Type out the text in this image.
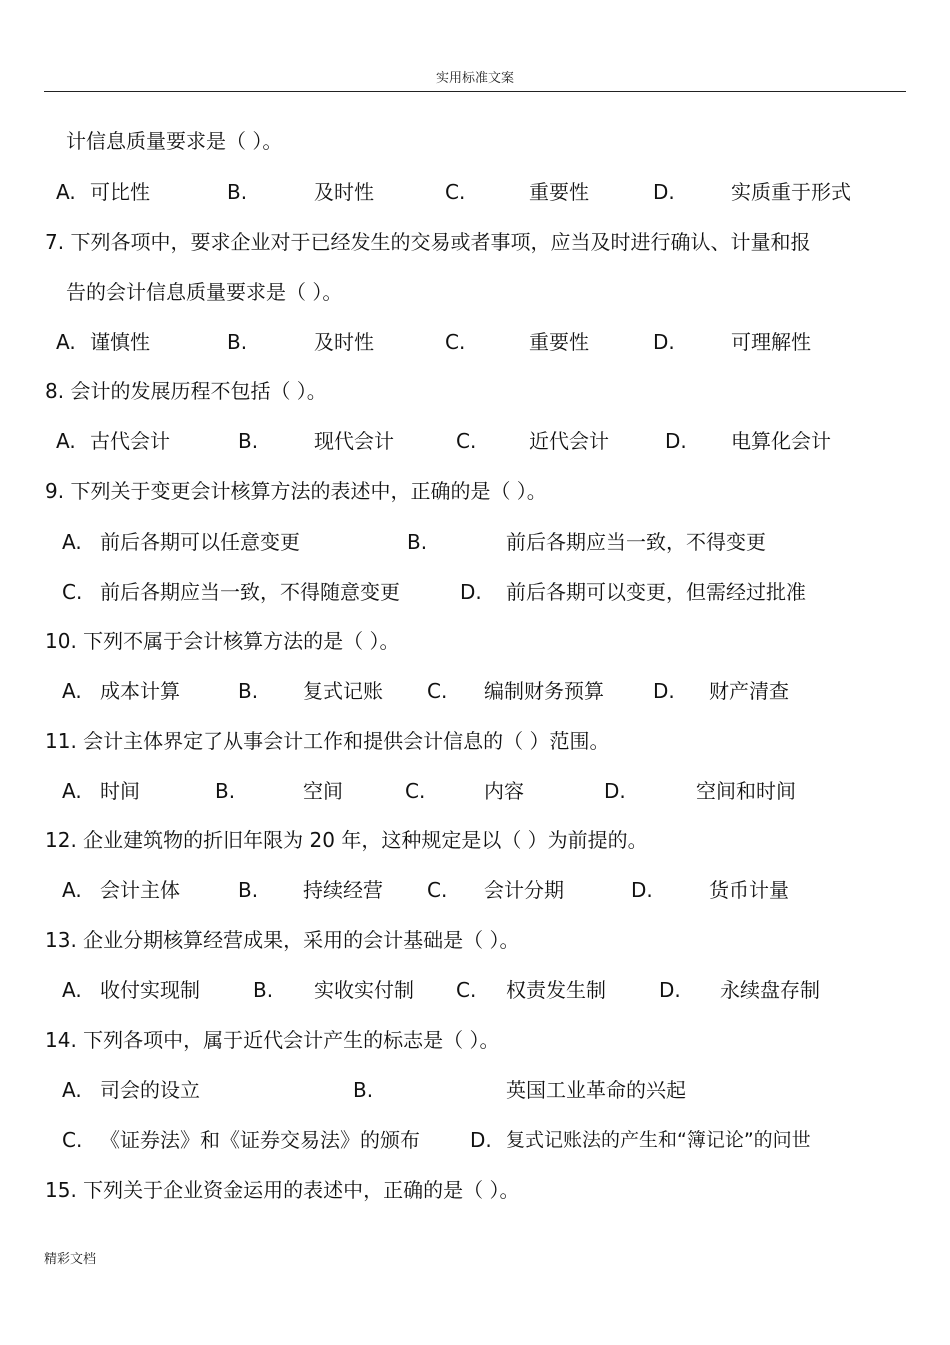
实用标准文案
计信息质量要求是（ ）。
A. 可比性	B.	及时性	C.	重要性	D.	实质重于形式
7. 下列各项中，要求企业对于已经发生的交易或者事项，应当及时进行确认、计量和报
告的会计信息质量要求是（ ）。
A. 谨慎性	B.	及时性	C.	重要性	D.	可理解性
8. 会计的发展历程不包括（ ）。
A. 古代会计	B.	现代会计	C.	近代会计	D. 电算化会计
9. 下列关于变更会计核算方法的表述中，正确的是（ ）。
A. 前后各期可以任意变更	B.	前后各期应当一致，不得变更
C. 前后各期应当一致，不得随意变更	D. 前后各期可以变更，但需经过批准
10. 下列不属于会计核算方法的是（ ）。
A. 成本计算	B. 复式记账 C. 编制财务预算 D. 财产清查
11. 会计主体界定了从事会计工作和提供会计信息的（ ）范围。
A. 时间	B.	空间	C.	内容	D.	空间和时间
12. 企业建筑物的折旧年限为 20 年，这种规定是以（ ）为前提的。
A. 会计主体	B. 持续经营 C. 会计分期	D.	货币计量
13. 企业分期核算经营成果，采用的会计基础是（ ）。
A. 收付实现制	B. 实收实付制 C. 权责发生制	D. 永续盘存制
14. 下列各项中，属于近代会计产生的标志是（ ）。
A. 司会的设立	B.	英国工业革命的兴起
C. 《证券法》和《证券交易法》的颁布	D. 复式记账法的产生和“簿记论”的问世
15. 下列关于企业资金运用的表述中，正确的是（ ）。
精彩文档
